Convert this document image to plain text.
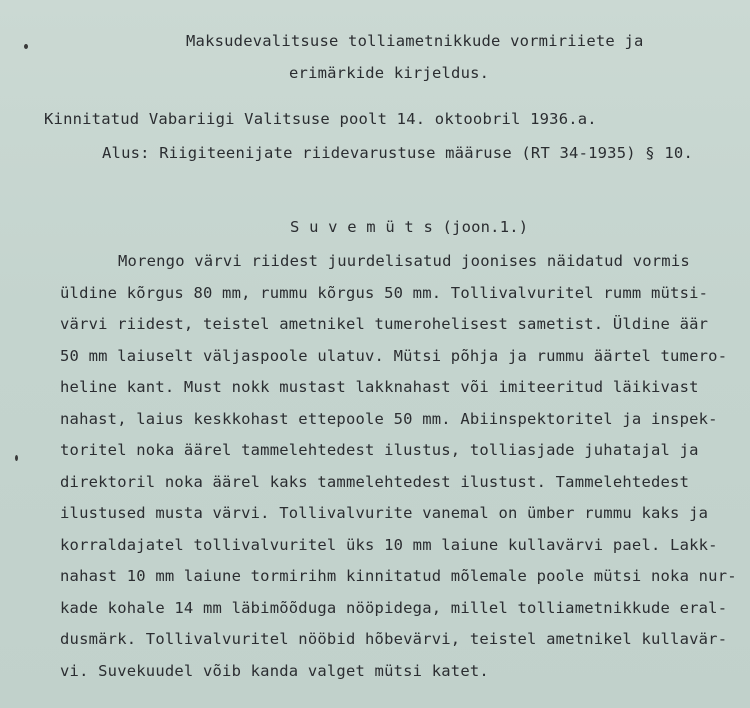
Maksudevalitsuse tolliametnikkude vormiriiete ja
erimärkide kirjeldus.
Kinnitatud Vabariigi Valitsuse poolt 14. oktoobril 1936.a.
Alus: Riigiteenijate riidevarustuse määruse (RT 34-1935) § 10.
S u v e m ü t s (joon.1.)
Morengo värvi riidest juurdelisatud joonises näidatud vormis
üldine kõrgus 80 mm, rummu kõrgus 50 mm. Tollivalvuritel rumm mütsi-
värvi riidest, teistel ametnikel tumerohelisest sametist. Üldine äär
50 mm laiuselt väljaspoole ulatuv. Mütsi põhja ja rummu äärtel tumero-
heline kant. Must nokk mustast lakknahast või imiteeritud läikivast
nahast, laius keskkohast ettepoole 50 mm. Abiinspektoritel ja inspek-
toritel noka äärel tammelehtedest ilustus, tolliasjade juhatajal ja
direktoril noka äärel kaks tammelehtedest ilustust. Tammelehtedest
ilustused musta värvi. Tollivalvurite vanemal on ümber rummu kaks ja
korraldajatel tollivalvuritel üks 10 mm laiune kullavärvi pael. Lakk-
nahast 10 mm laiune tormirihm kinnitatud mõlemale poole mütsi noka nur-
kade kohale 14 mm läbimõõduga nööpidega, millel tolliametnikkude eral-
dusmärk. Tollivalvuritel nööbid hõbevärvi, teistel ametnikel kullavär-
vi. Suvekuudel võib kanda valget mütsi katet.
